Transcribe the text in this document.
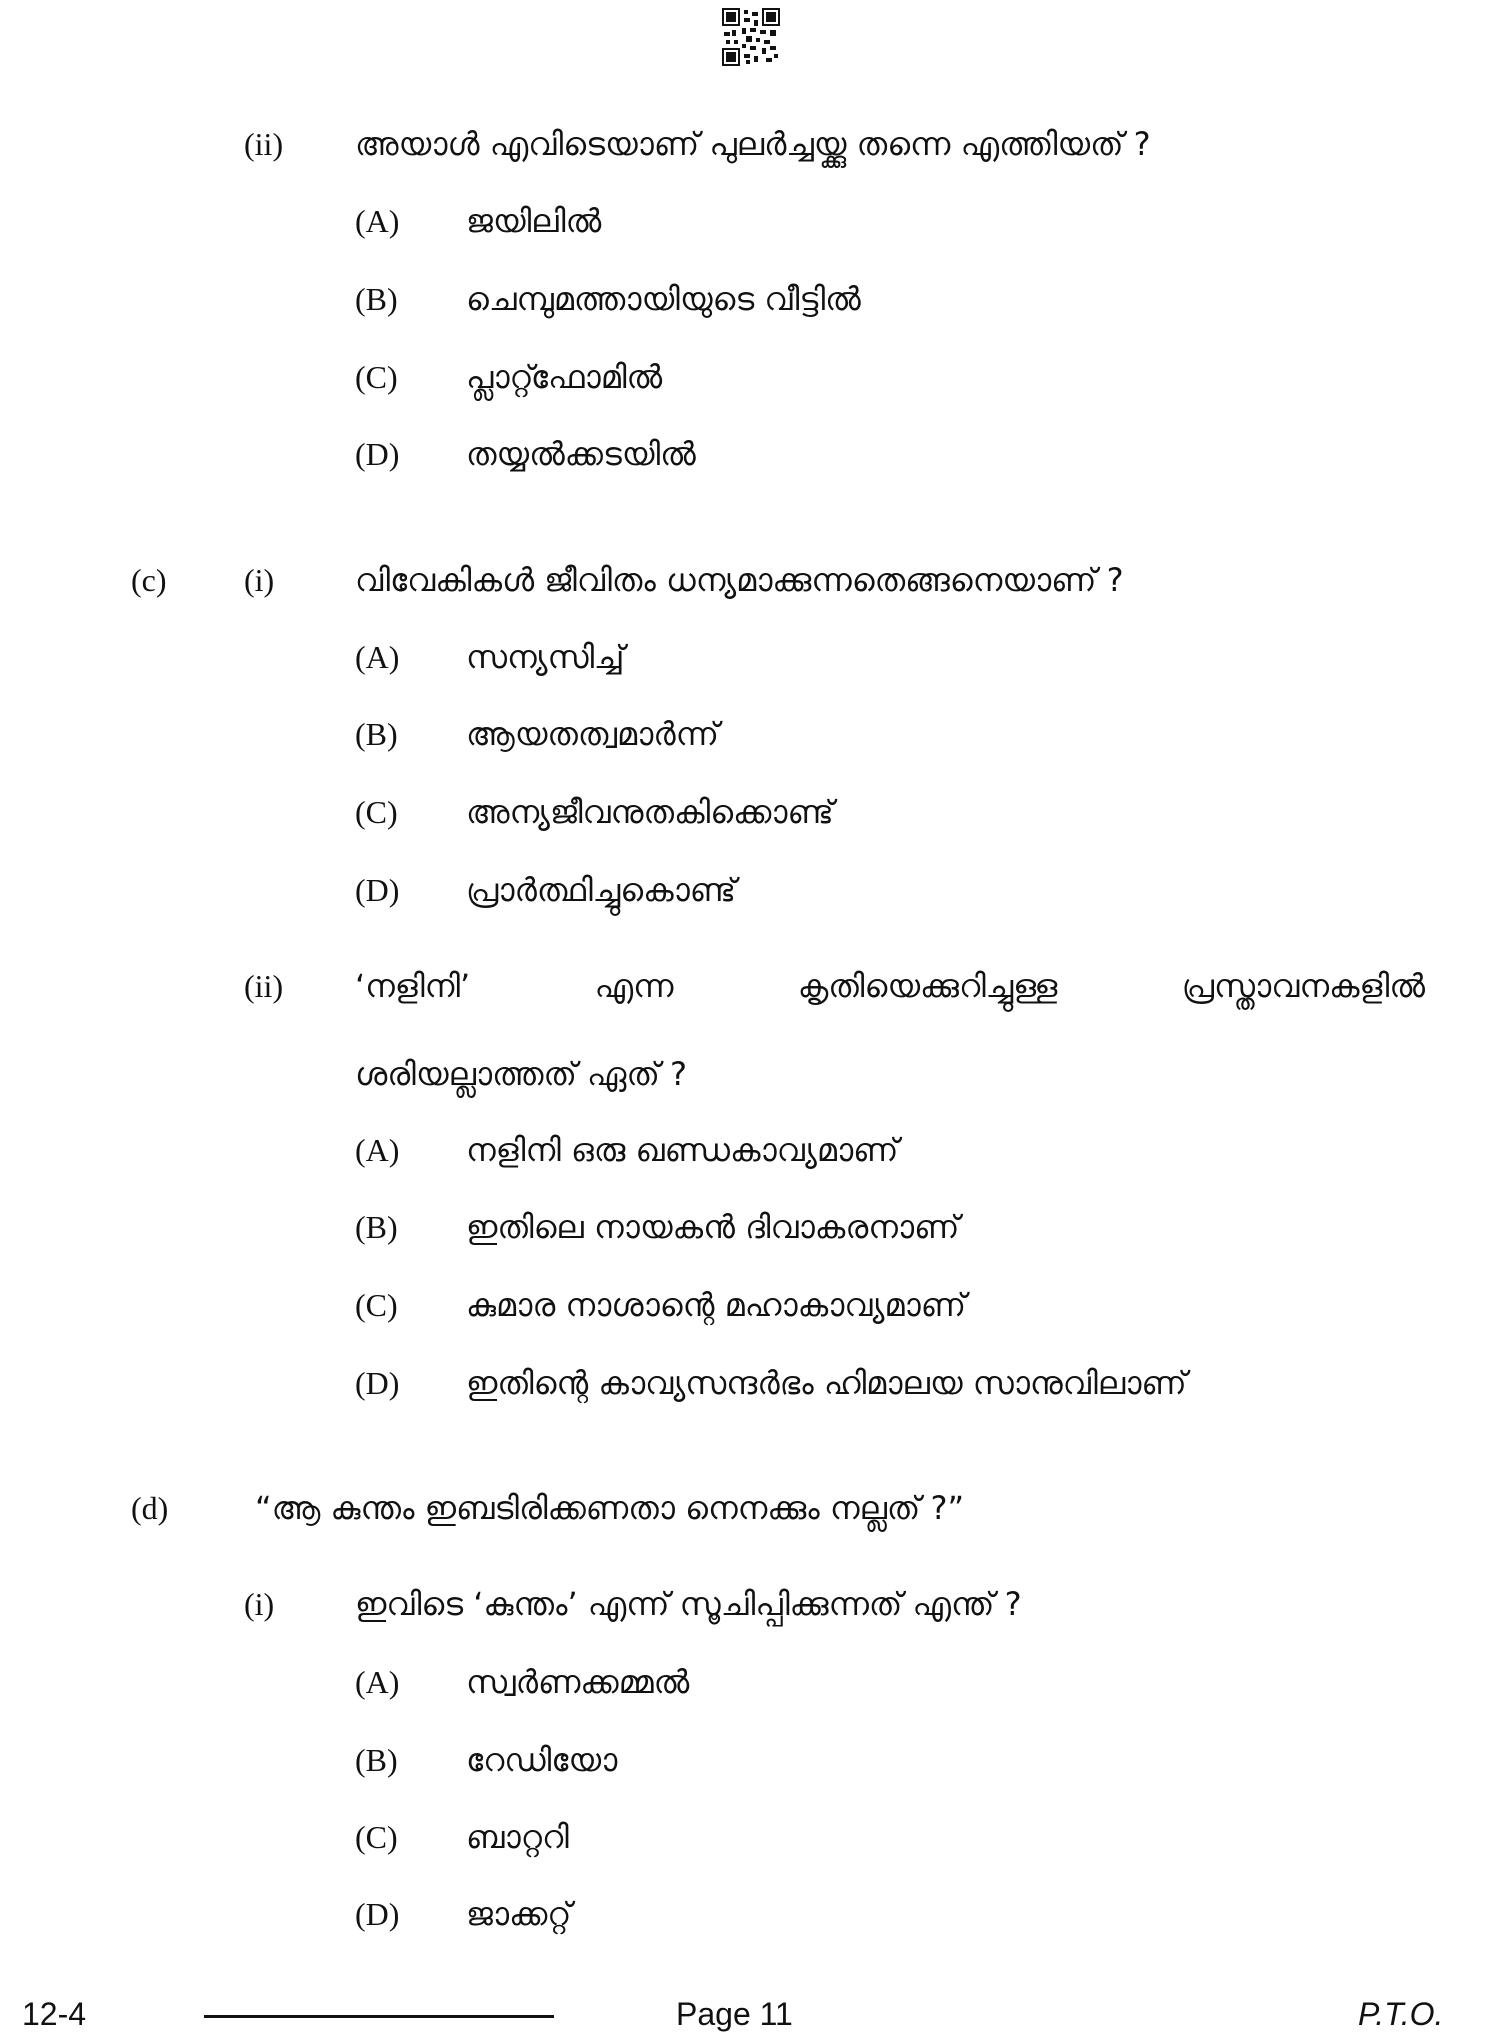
(ii) അയാൾ എവിടെയാണ് പുലർച്ചയ്ക്കു തന്നെ എത്തിയത് ?
(A) ജയിലിൽ
(B) ചെമ്പുമത്തായിയുടെ വീട്ടിൽ
(C) പ്ലാറ്റ്ഫോമിൽ
(D) തയ്യൽക്കടയിൽ
(c) (i)	വിവേകികൾ ജീവിതം ധന്യമാക്കുന്നതെങ്ങനെയാണ് ?
(A) സന്യസിച്ച്
(B) ആയതത്വമാർന്ന്
(C) അന്യജീവനുതകിക്കൊണ്ട്
(D) പ്രാർത്ഥിച്ചുകൊണ്ട്
(ii) ‘നളിനി’	എന്ന	കൃതിയെക്കുറിച്ചുള്ള	പ്രസ്താവനകളിൽ
ശരിയല്ലാത്തത് ഏത് ?
(A) നളിനി ഒരു ഖണ്ഡകാവ്യമാണ്
(B) ഇതിലെ നായകൻ ദിവാകരനാണ്
(C) കുമാര നാശാന്റെ മഹാകാവ്യമാണ്
(D) ഇതിന്റെ കാവ്യസന്ദർഭം ഹിമാലയ സാനുവിലാണ്
(d)	“ആ കുന്തം ഇബടിരിക്കണതാ നെനക്കും നല്ലത് ?”
(i)	ഇവിടെ ‘കുന്തം’ എന്ന് സൂചിപ്പിക്കുന്നത് എന്ത് ?
(A) സ്വർണക്കമ്മൽ
(B) റേഡിയോ
(C) ബാറ്ററി
(D) ജാക്കറ്റ്
12-4	Page 11	P.T.O.
